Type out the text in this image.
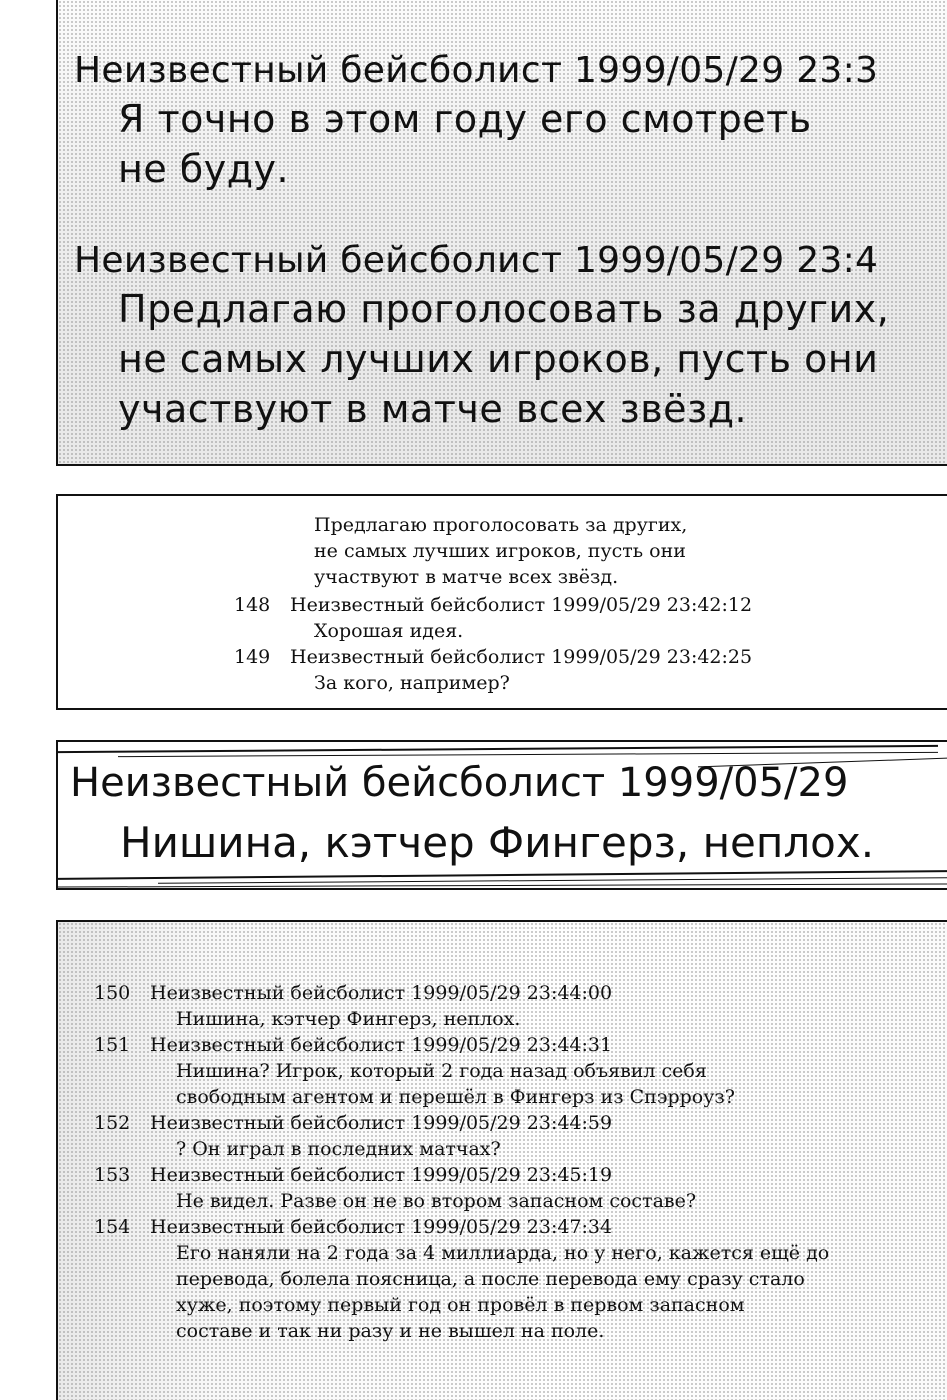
Неизвестный бейсболист 1999/05/29 23:3
Я точно в этом году его смотреть
не буду.
Неизвестный бейсболист 1999/05/29 23:4
Предлагаю проголосовать за других,
не самых лучших игроков, пусть они
участвуют в матче всех звёзд.
Предлагаю проголосовать за других,
не самых лучших игроков, пусть они
участвуют в матче всех звёзд.
148 Неизвестный бейсболист 1999/05/29 23:42:12
Хорошая идея.
149 Неизвестный бейсболист 1999/05/29 23:42:25
За кого, например?
Неизвестный бейсболист 1999/05/29
Нишина, кэтчер Фингерз, неплох.
150 Неизвестный бейсболист 1999/05/29 23:44:00
Нишина, кэтчер Фингерз, неплох.
151 Неизвестный бейсболист 1999/05/29 23:44:31
Нишина? Игрок, который 2 года назад объявил себя
свободным агентом и перешёл в Фингерз из Спэрроуз?
152 Неизвестный бейсболист 1999/05/29 23:44:59
? Он играл в последних матчах?
153 Неизвестный бейсболист 1999/05/29 23:45:19
Не видел. Разве он не во втором запасном составе?
154 Неизвестный бейсболист 1999/05/29 23:47:34
Его наняли на 2 года за 4 миллиарда, но у него, кажется ещё до
перевода, болела поясница, а после перевода ему сразу стало
хуже, поэтому первый год он провёл в первом запасном
составе и так ни разу и не вышел на поле.
